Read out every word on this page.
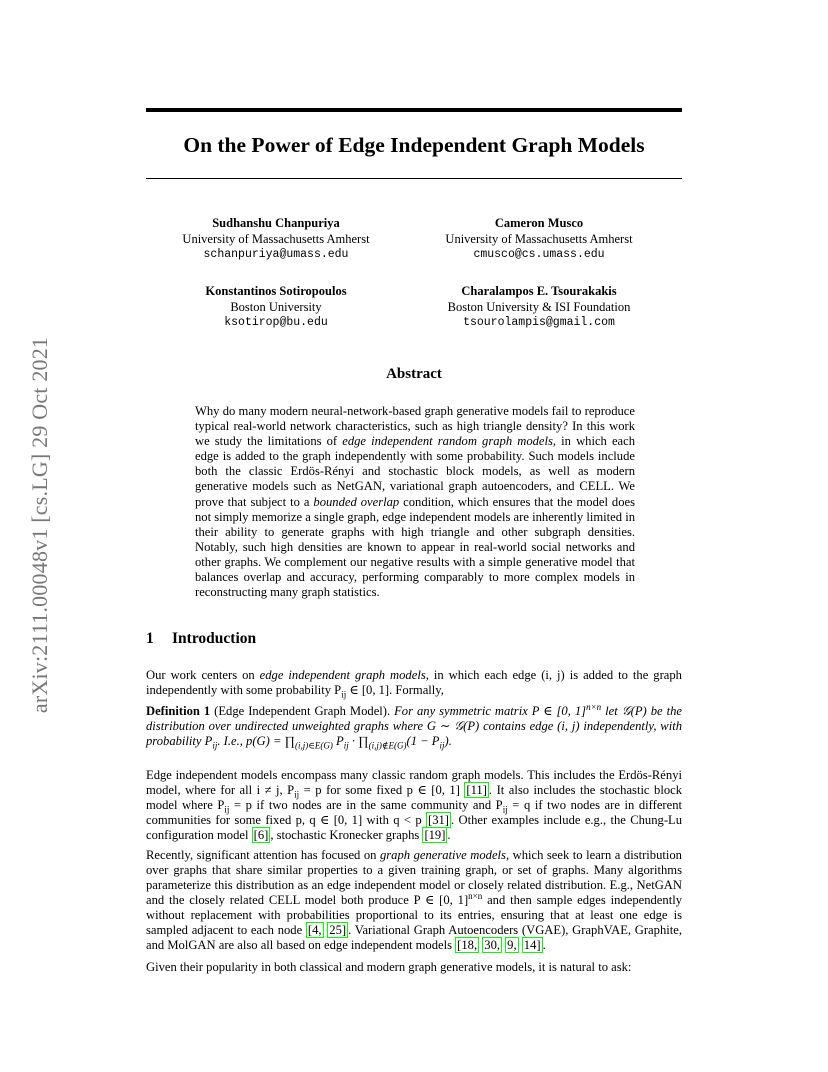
On the Power of Edge Independent Graph Models
arXiv:2111.00048v1 [cs.LG] 29 Oct 2021
Sudhanshu Chanpuriya
University of Massachusetts Amherst
schanpuriya@umass.edu
Cameron Musco
University of Massachusetts Amherst
cmusco@cs.umass.edu
Konstantinos Sotiropoulos
Boston University
ksotirop@bu.edu
Charalampos E. Tsourakakis
Boston University & ISI Foundation
tsourolampis@gmail.com
Abstract
Why do many modern neural-network-based graph generative models fail to reproduce typical real-world network characteristics, such as high triangle density? In this work we study the limitations of edge independent random graph models, in which each edge is added to the graph independently with some probability. Such models include both the classic Erdös-Rényi and stochastic block models, as well as modern generative models such as NetGAN, variational graph autoencoders, and CELL. We prove that subject to a bounded overlap condition, which ensures that the model does not simply memorize a single graph, edge independent models are inherently limited in their ability to generate graphs with high triangle and other subgraph densities. Notably, such high densities are known to appear in real-world social networks and other graphs. We complement our negative results with a simple generative model that balances overlap and accuracy, performing comparably to more complex models in reconstructing many graph statistics.
1 Introduction
Our work centers on edge independent graph models, in which each edge (i, j) is added to the graph independently with some probability $P_{ij}$ ∈ [0, 1]. Formally,
Definition 1 (Edge Independent Graph Model). For any symmetric matrix P ∈ [0, 1]$^{n\times n}$ let 𝒢(P) be the distribution over undirected unweighted graphs where G ∼ 𝒢(P) contains edge (i, j) independently, with probability $P_{ij}$. I.e., $p(G) = \prod_{(i,j)\in E(G)}$ $P_{ij}$ · $\prod_{(i,j)\notin E(G)}(1 - P_{ij})$.
Edge independent models encompass many classic random graph models. This includes the Erdös-Rényi model, where for all i ≠ j, $P_{ij} = p$ for some fixed p ∈ [0, 1] [11] . It also includes the stochastic block model where $P_{ij} = p$ if two nodes are in the same community and $P_{ij} = q$ if two nodes are in different communities for some fixed p, q ∈ [0, 1] with q < p [31] . Other examples include e.g., the Chung-Lu configuration model [6] , stochastic Kronecker graphs [19] .
Recently, significant attention has focused on graph generative models, which seek to learn a distribution over graphs that share similar properties to a given training graph, or set of graphs. Many algorithms parameterize this distribution as an edge independent model or closely related distribution. E.g., NetGAN and the closely related CELL model both produce P ∈ [0, 1]$^{n\times n}$ and then sample edges independently without replacement with probabilities proportional to its entries, ensuring that at least one edge is sampled adjacent to each node [4, 25] . Variational Graph Autoencoders (VGAE), GraphVAE, Graphite, and MolGAN are also all based on edge independent models [18, 30, 9, 14] .
Given their popularity in both classical and modern graph generative models, it is natural to ask:
